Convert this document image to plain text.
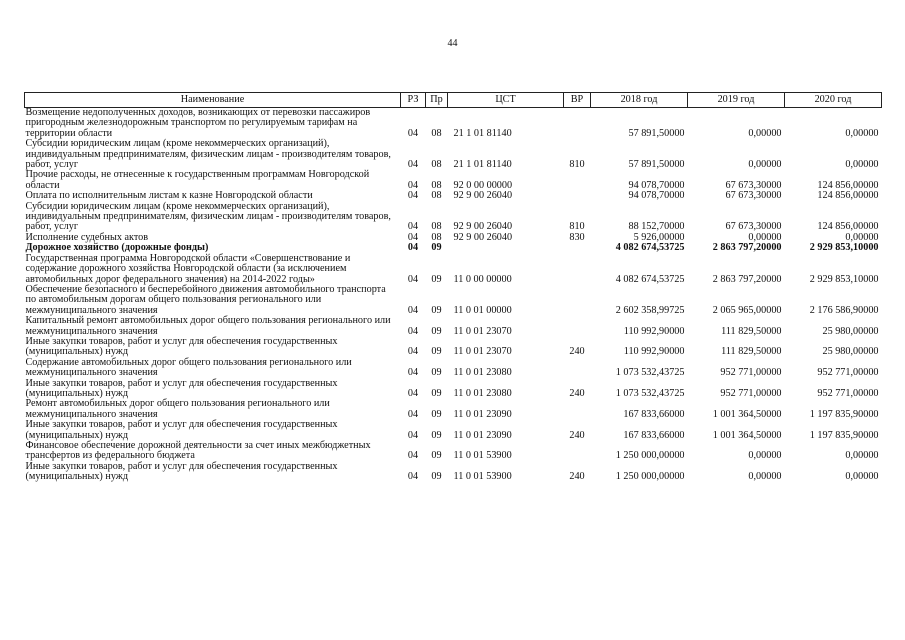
44
Наименование	РЗ	Пр	ЦСТ	ВР	2018 год	2019 год	2020 год
Возмещение недополученных доходов, возникающих от перевозки пассажиров пригородным железнодорожным транспортом по регулируемым тарифам на территории области	04	08	21 1 01 81140		57 891,50000	0,00000	0,00000
Субсидии юридическим лицам (кроме некоммерческих организаций), индивидуальным предпринимателям, физическим лицам - производителям товаров, работ, услуг	04	08	21 1 01 81140	810	57 891,50000	0,00000	0,00000
Прочие расходы, не отнесенные к государственным программам Новгородской области	04	08	92 0 00 00000		94 078,70000	67 673,30000	124 856,00000
Оплата по исполнительным листам к казне Новгородской области	04	08	92 9 00 26040		94 078,70000	67 673,30000	124 856,00000
Субсидии юридическим лицам (кроме некоммерческих организаций), индивидуальным предпринимателям, физическим лицам - производителям товаров, работ, услуг	04	08	92 9 00 26040	810	88 152,70000	67 673,30000	124 856,00000
Исполнение судебных актов	04	08	92 9 00 26040	830	5 926,00000	0,00000	0,00000
Дорожное хозяйство (дорожные фонды)	04	09			4 082 674,53725	2 863 797,20000	2 929 853,10000
Государственная программа Новгородской области «Совершенствование и содержание дорожного хозяйства Новгородской области (за исключением автомобильных дорог федерального значения) на 2014-2022 годы»	04	09	11 0 00 00000		4 082 674,53725	2 863 797,20000	2 929 853,10000
Обеспечение безопасного и бесперебойного движения автомобильного транспорта по автомобильным дорогам общего пользования регионального или межмуниципального значения	04	09	11 0 01 00000		2 602 358,99725	2 065 965,00000	2 176 586,90000
Капитальный ремонт автомобильных дорог общего пользования регионального или межмуниципального значения	04	09	11 0 01 23070		110 992,90000	111 829,50000	25 980,00000
Иные закупки товаров, работ и услуг для обеспечения государственных (муниципальных) нужд	04	09	11 0 01 23070	240	110 992,90000	111 829,50000	25 980,00000
Содержание автомобильных дорог общего пользования регионального или межмуниципального значения	04	09	11 0 01 23080		1 073 532,43725	952 771,00000	952 771,00000
Иные закупки товаров, работ и услуг для обеспечения государственных (муниципальных) нужд	04	09	11 0 01 23080	240	1 073 532,43725	952 771,00000	952 771,00000
Ремонт автомобильных дорог общего пользования регионального или межмуниципального значения	04	09	11 0 01 23090		167 833,66000	1 001 364,50000	1 197 835,90000
Иные закупки товаров, работ и услуг для обеспечения государственных (муниципальных) нужд	04	09	11 0 01 23090	240	167 833,66000	1 001 364,50000	1 197 835,90000
Финансовое обеспечение дорожной деятельности за счет иных межбюджетных трансфертов из федерального бюджета	04	09	11 0 01 53900		1 250 000,00000	0,00000	0,00000
Иные закупки товаров, работ и услуг для обеспечения государственных (муниципальных) нужд	04	09	11 0 01 53900	240	1 250 000,00000	0,00000	0,00000
